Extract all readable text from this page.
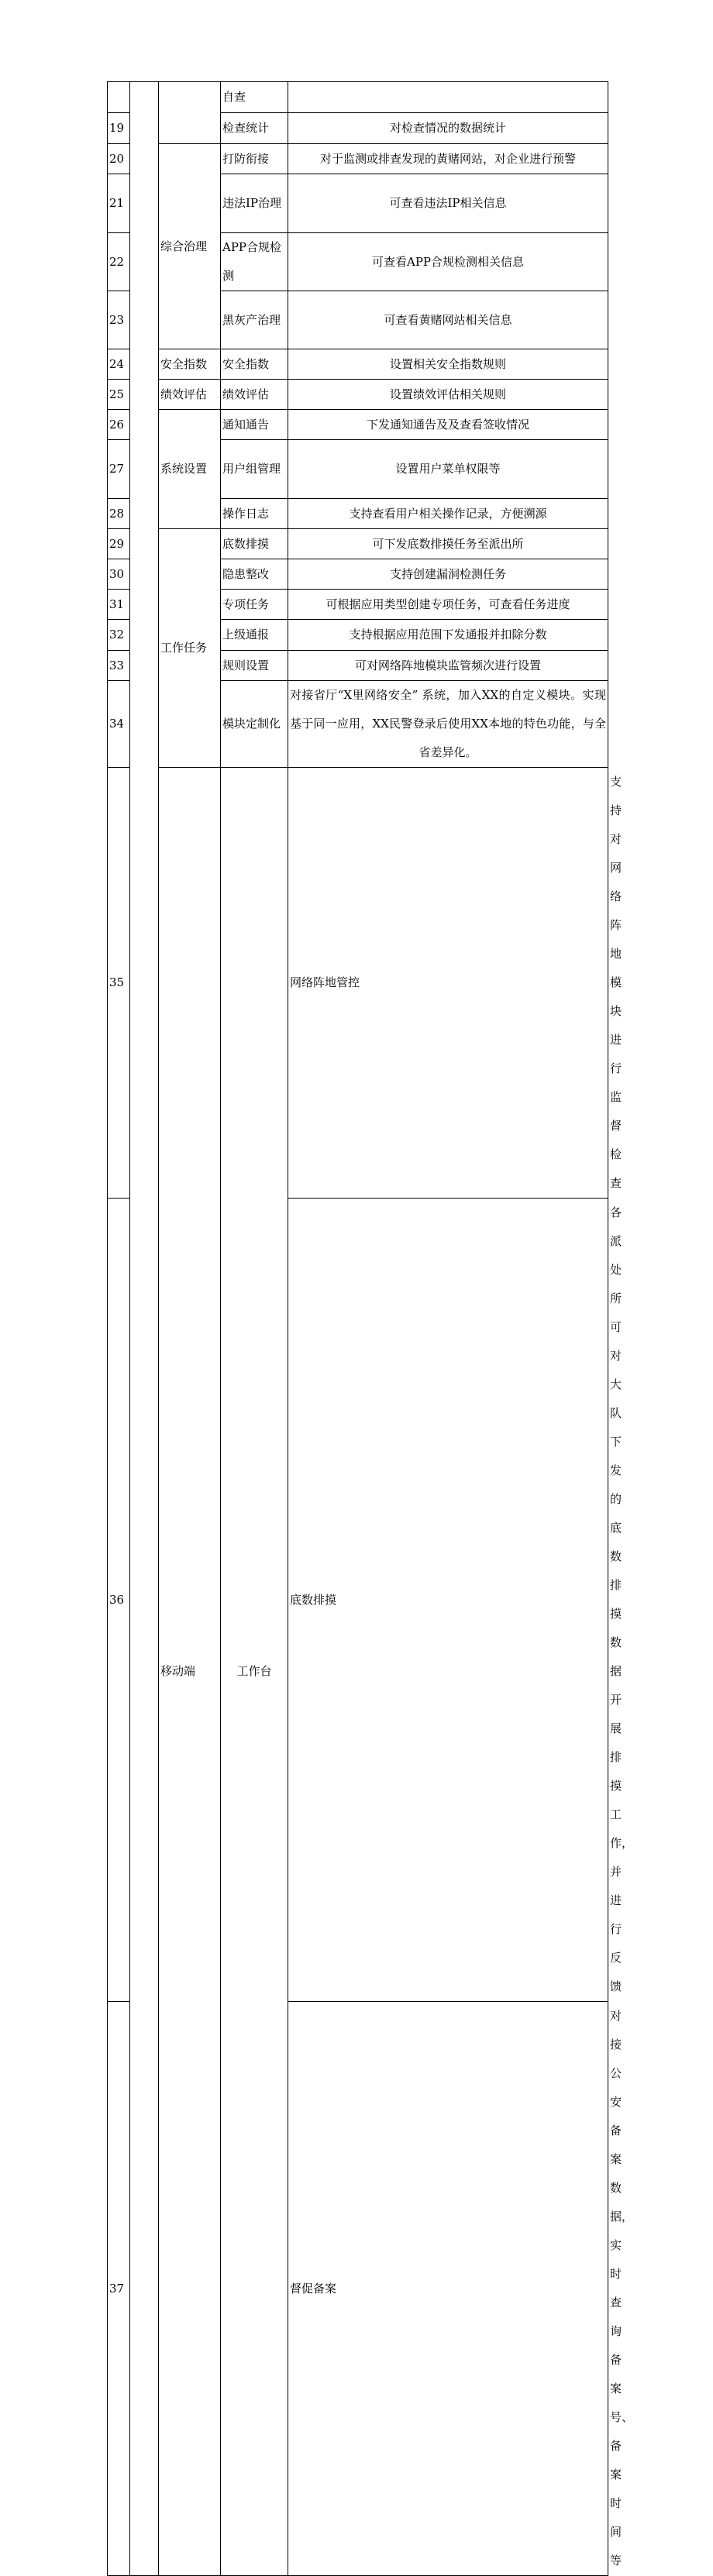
			自查		
19			检查统计	对检查情况的数据统计	
20		综合治理	打防衔接	对于监测或排查发现的黄赌网站，对企业进行预警	
21			违法IP治理	可查看违法IP相关信息	
22			APP合规检测	可查看APP合规检测相关信息	
23			黑灰产治理	可查看黄赌网站相关信息	
24		安全指数	安全指数	设置相关安全指数规则	
25		绩效评估	绩效评估	设置绩效评估相关规则	
26		系统设置	通知通告	下发通知通告及及查看签收情况	
27			用户组管理	设置用户菜单权限等	
28			操作日志	支持查看用户相关操作记录，方便溯源	
29		工作任务	底数排摸	可下发底数排摸任务至派出所	
30			隐患整改	支持创建漏洞检测任务	
31			专项任务	可根据应用类型创建专项任务，可查看任务进度	
32			上级通报	支持根据应用范围下发通报并扣除分数	
33			规则设置	可对网络阵地模块监管频次进行设置	
34			模块定制化	对接省厅“X里网络安全” 系统，加入XX的自定义模块。实现基于同一应用，XX民警登录后使用XX本地的特色功能，与全省差异化。	
35		移动端	工作台	网络阵地管控	支持对网络阵地模块进行监督检查
36				底数排摸	各派处所可对大队下发的底数排摸数据开展排摸工作，并进行反馈
37				督促备案	对接公安备案数据，实时查询备案号、备案时间等
